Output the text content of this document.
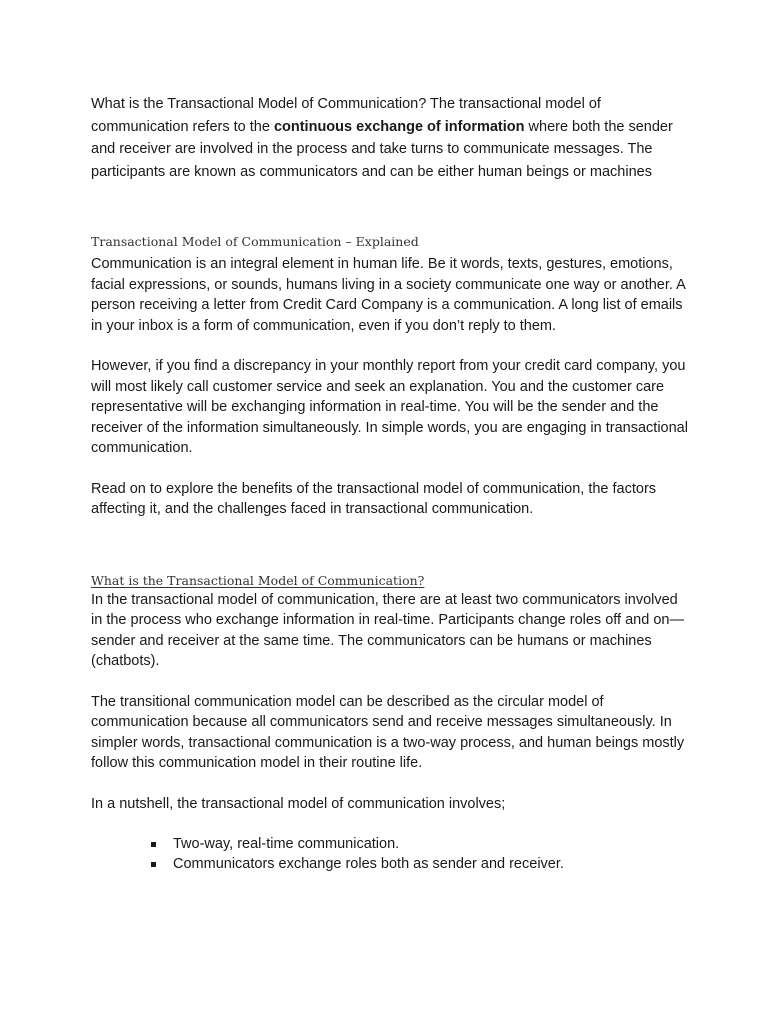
What is the Transactional Model of Communication? The transactional model of communication refers to the continuous exchange of information where both the sender and receiver are involved in the process and take turns to communicate messages. The participants are known as communicators and can be either human beings or machines

Transactional Model of Communication – Explained

Communication is an integral element in human life. Be it words, texts, gestures, emotions, facial expressions, or sounds, humans living in a society communicate one way or another. A person receiving a letter from Credit Card Company is a communication. A long list of emails in your inbox is a form of communication, even if you don’t reply to them.

However, if you find a discrepancy in your monthly report from your credit card company, you will most likely call customer service and seek an explanation. You and the customer care representative will be exchanging information in real-time. You will be the sender and the receiver of the information simultaneously. In simple words, you are engaging in transactional communication.

Read on to explore the benefits of the transactional model of communication, the factors affecting it, and the challenges faced in transactional communication.

What is the Transactional Model of Communication?

In the transactional model of communication, there are at least two communicators involved in the process who exchange information in real-time. Participants change roles off and on—sender and receiver at the same time. The communicators can be humans or machines (chatbots).

The transitional communication model can be described as the circular model of communication because all communicators send and receive messages simultaneously. In simpler words, transactional communication is a two-way process, and human beings mostly follow this communication model in their routine life.

In a nutshell, the transactional model of communication involves;

Two-way, real-time communication.
Communicators exchange roles both as sender and receiver.
